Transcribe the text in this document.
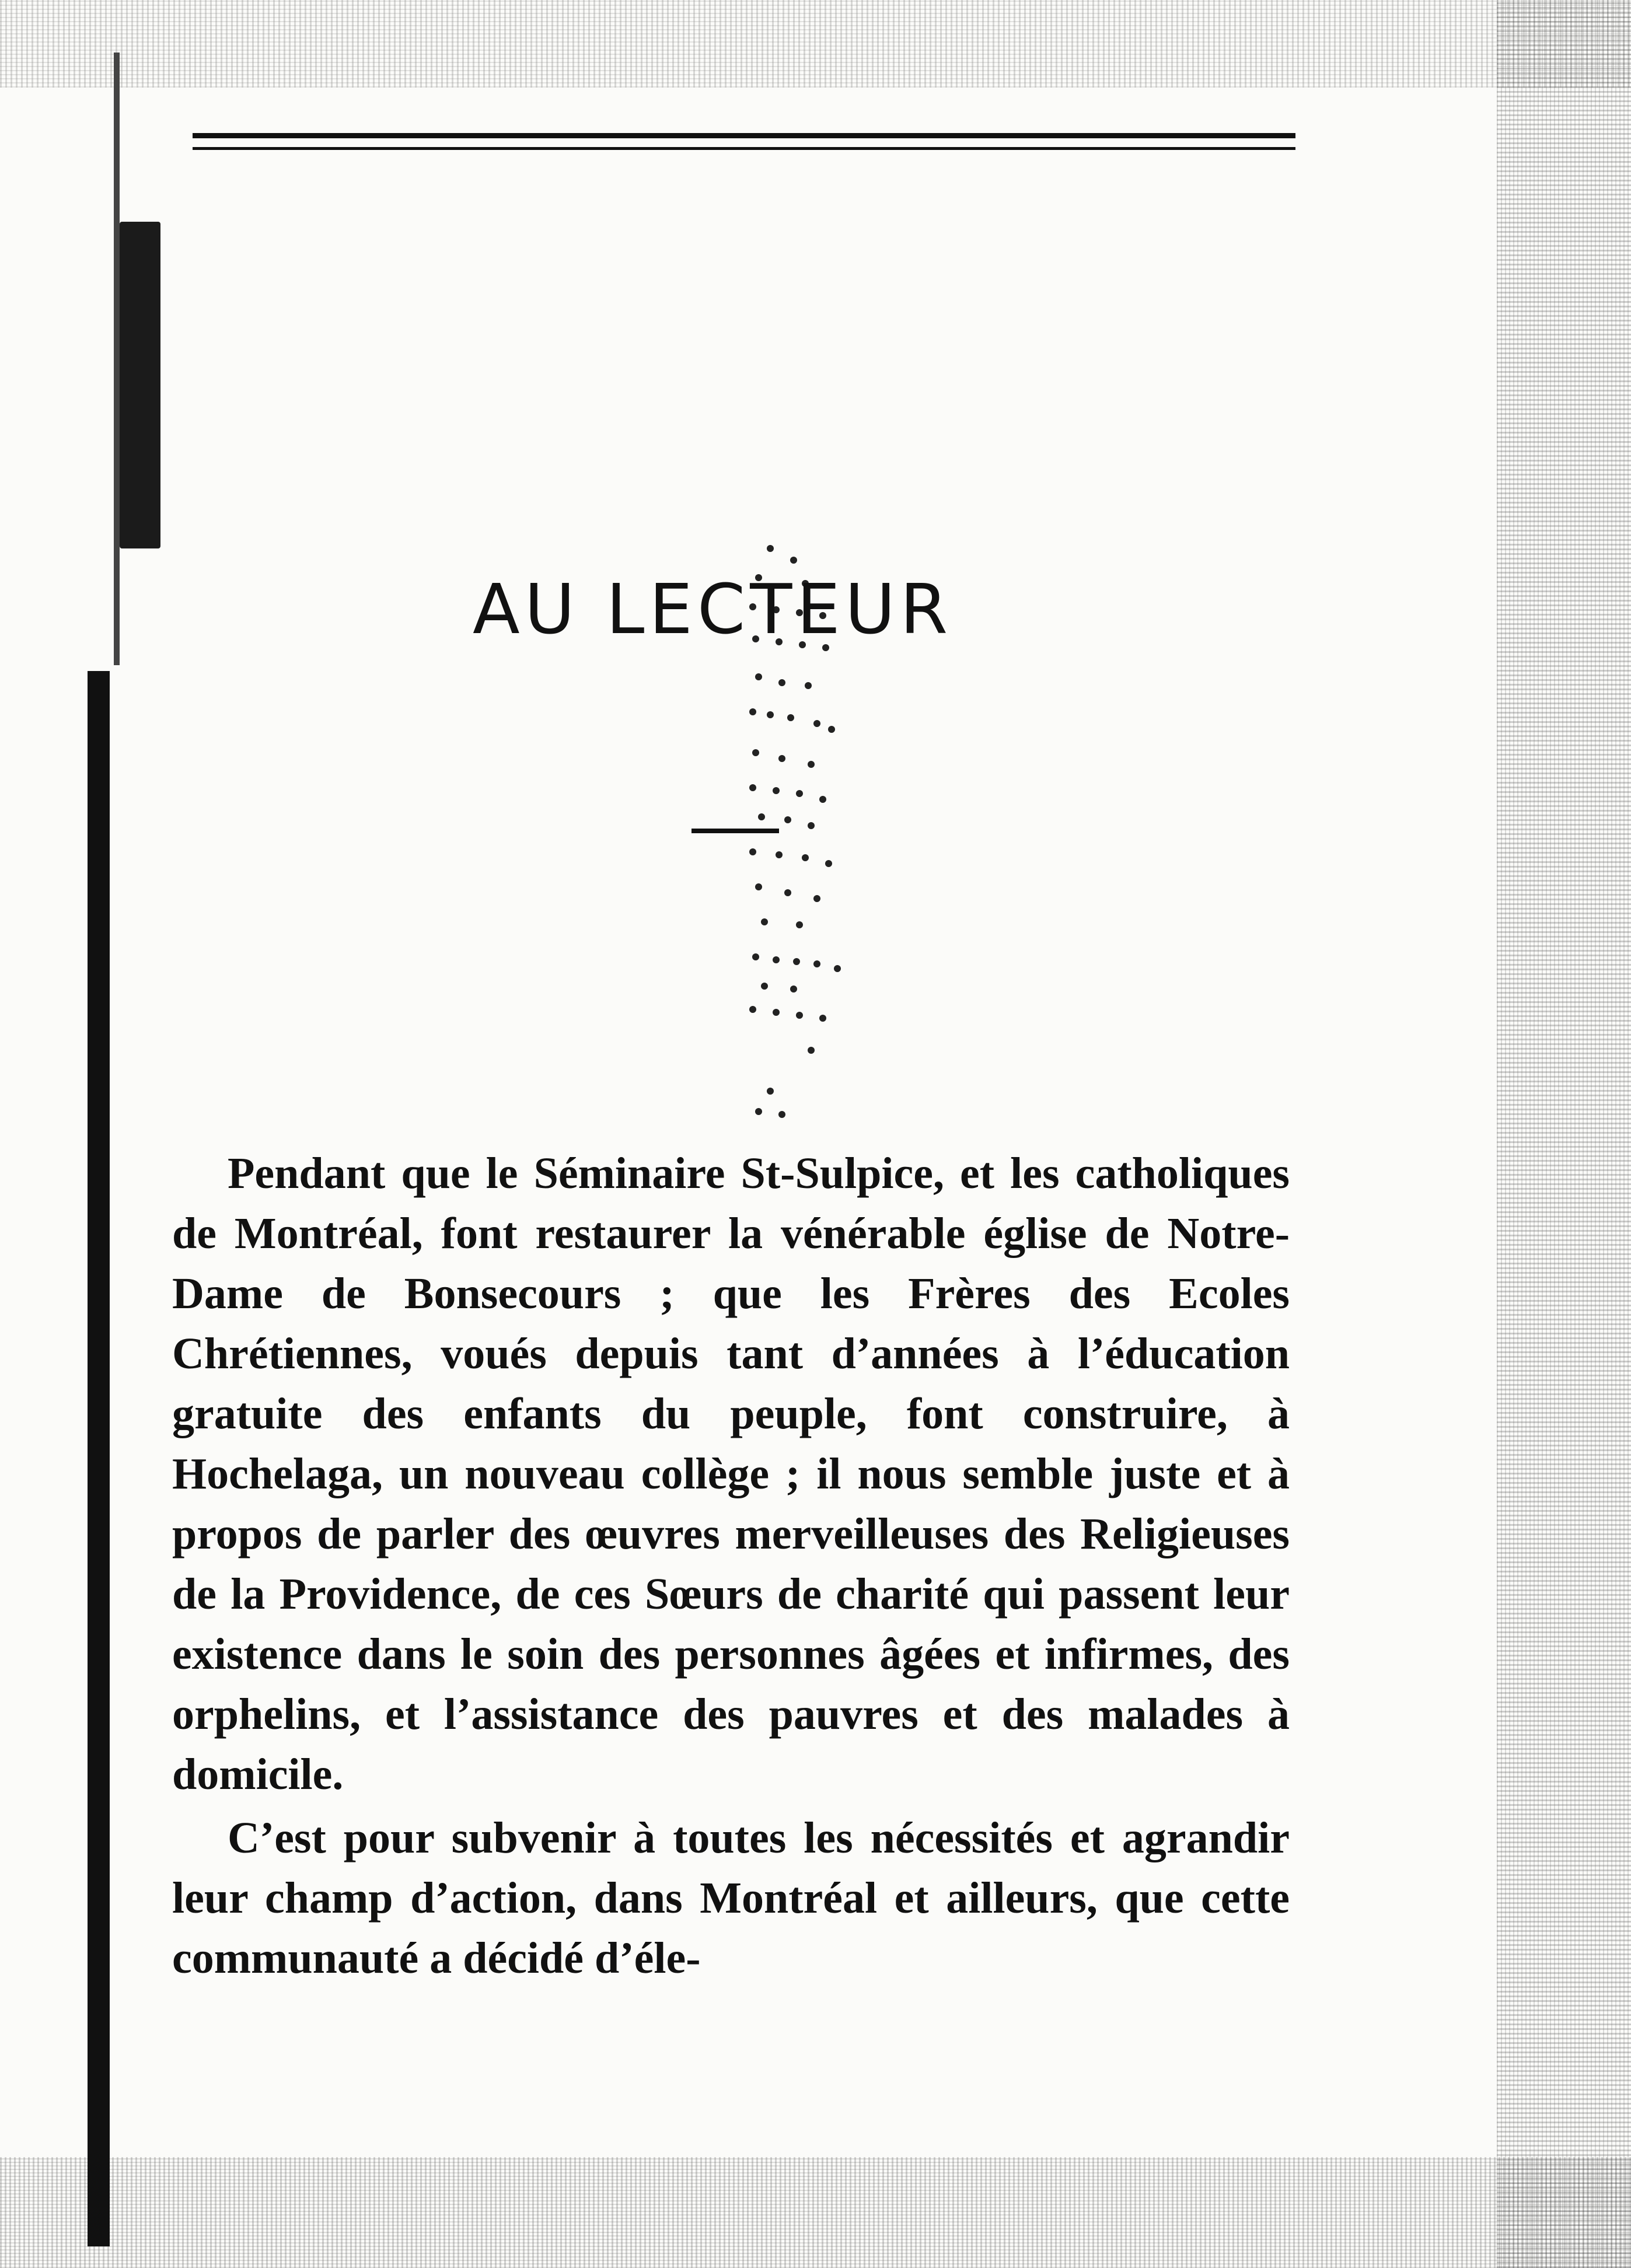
AU LECTEUR

Pendant que le Séminaire St-Sulpice, et les catholiques de Montréal, font restaurer la vénérable église de Notre-Dame de Bonsecours ; que les Frères des Ecoles Chrétiennes, voués depuis tant d’années à l’éducation gratuite des enfants du peuple, font construire, à Hochelaga, un nouveau collège ; il nous semble juste et à propos de parler des œuvres merveilleuses des Religieuses de la Providence, de ces Sœurs de charité qui passent leur existence dans le soin des personnes âgées et infirmes, des orphelins, et l’assistance des pauvres et des malades à domicile.

C’est pour subvenir à toutes les nécessités et agrandir leur champ d’action, dans Montréal et ailleurs, que cette communauté a décidé d’éle-
